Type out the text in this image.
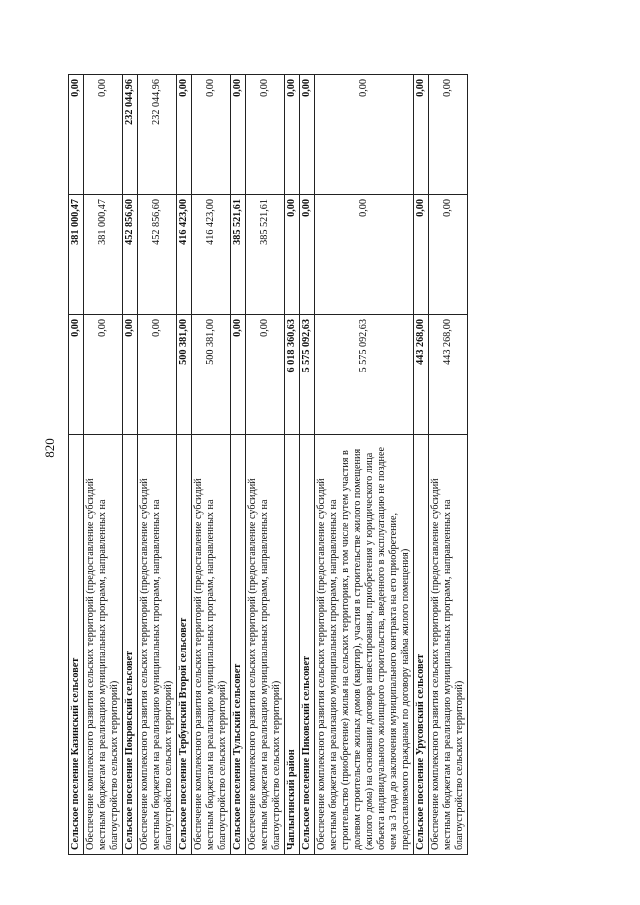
820
Сельское поселение Казинский сельсовет	0,00	381 000,47	0,00
Обеспечение комплексного развития сельских территорий (предоставление субсидий местным бюджетам на реализацию муниципальных программ, направленных на благоустройство сельских территорий)	0,00	381 000,47	0,00
Сельское поселение Покровский сельсовет	0,00	452 856,60	232 044,96
Обеспечение комплексного развития сельских территорий (предоставление субсидий местным бюджетам на реализацию муниципальных программ, направленных на благоустройство сельских территорий)	0,00	452 856,60	232 044,96
Сельское поселение Тербунский Второй сельсовет	500 381,00	416 423,00	0,00
Обеспечение комплексного развития сельских территорий (предоставление субсидий местным бюджетам на реализацию муниципальных программ, направленных на благоустройство сельских территорий)	500 381,00	416 423,00	0,00
Сельское поселение Тульский сельсовет	0,00	385 521,61	0,00
Обеспечение комплексного развития сельских территорий (предоставление субсидий местным бюджетам на реализацию муниципальных программ, направленных на благоустройство сельских территорий)	0,00	385 521,61	0,00
Чаплыгинский район	6 018 360,63	0,00	0,00
Сельское поселение Пиковский сельсовет	5 575 092,63	0,00	0,00
Обеспечение комплексного развития сельских территорий (предоставление субсидий местным бюджетам на реализацию муниципальных программ, направленных на строительство (приобретение) жилья на сельских территориях, в том числе путем участия в долевом строительстве жилых домов (квартир), участия в строительстве жилого помещения (жилого дома) на основании договора инвестирования, приобретения у юридического лица объекта индивидуального жилищного строительства, введенного в эксплуатацию не позднее чем за 3 года до заключения муниципального контракта на его приобретение, предоставляемого гражданам по договору найма жилого помещения)	5 575 092,63	0,00	0,00
Сельское поселение Урусовский сельсовет	443 268,00	0,00	0,00
Обеспечение комплексного развития сельских территорий (предоставление субсидий местным бюджетам на реализацию муниципальных программ, направленных на благоустройство сельских территорий)	443 268,00	0,00	0,00
